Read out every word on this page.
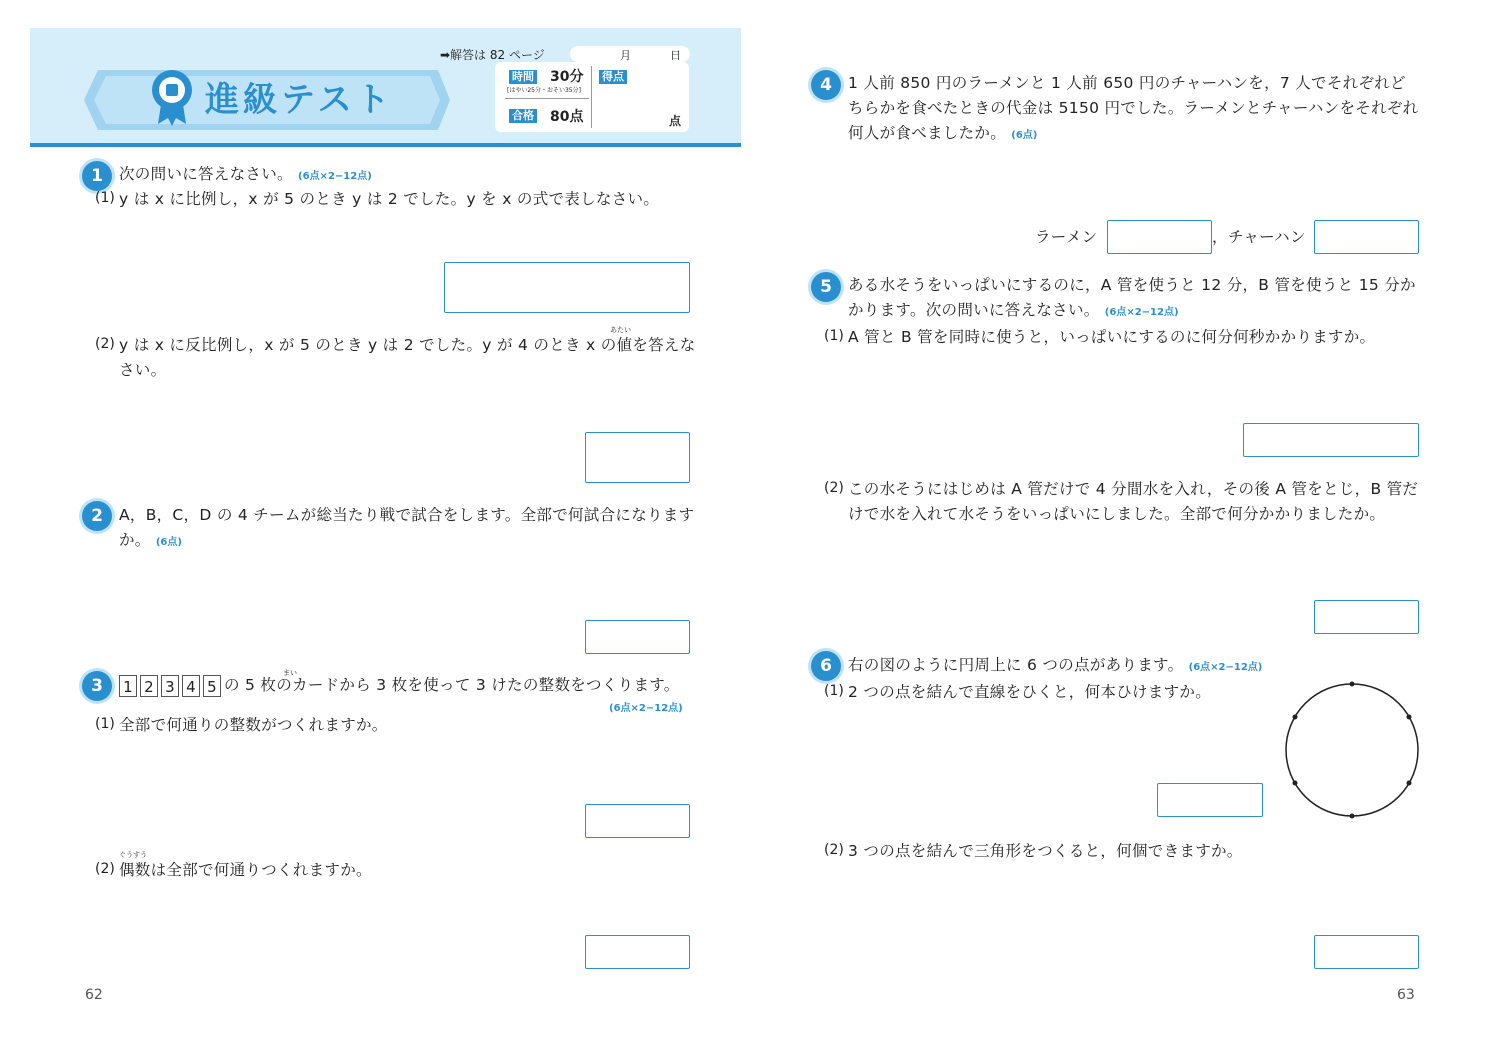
進級テスト
➡解答は 82 ページ	月	日
時間 30分
[はやい25分・おそい35分]
合格 80点
得点
点
1	次の問いに答えなさい。 (6点×2−12点)
(1) y は x に比例し，x が 5 のとき y は 2 でした。y を x の式で表しなさい。
(2)
あたい
y は x に反比例し，x が 5 のとき y は 2 でした。y が 4 のとき x の値を答えな
さい。
2	A，B，C，D の 4 チームが総当たり戦で試合をします。全部で何試合になります
か。 (6点)
3	1 2 3 4 5 の 5 枚のカードから 3 枚を使って 3 けたの整数をつくります。
まい
(6点×2−12点)
(1) 全部で何通りの整数がつくれますか。
(2)
ぐうすう
偶数は全部で何通りつくれますか。
62
4	1 人前 850 円のラーメンと 1 人前 650 円のチャーハンを，7 人でそれぞれど
ちらかを食べたときの代金は 5150 円でした。ラーメンとチャーハンをそれぞれ
何人が食べましたか。 (6点)
ラーメン	， チャーハン
5	ある水そうをいっぱいにするのに，A 管を使うと 12 分，B 管を使うと 15 分か
かります。次の問いに答えなさい。 (6点×2−12点)
(1) A 管と B 管を同時に使うと，いっぱいにするのに何分何秒かかりますか。
(2) この水そうにはじめは A 管だけで 4 分間水を入れ，その後 A 管をとじ，B 管だ
けで水を入れて水そうをいっぱいにしました。全部で何分かかりましたか。
6	右の図のように円周上に 6 つの点があります。 (6点×2−12点)
(1) 2 つの点を結んで直線をひくと，何本ひけますか。
(2) 3 つの点を結んで三角形をつくると，何個できますか。
63
